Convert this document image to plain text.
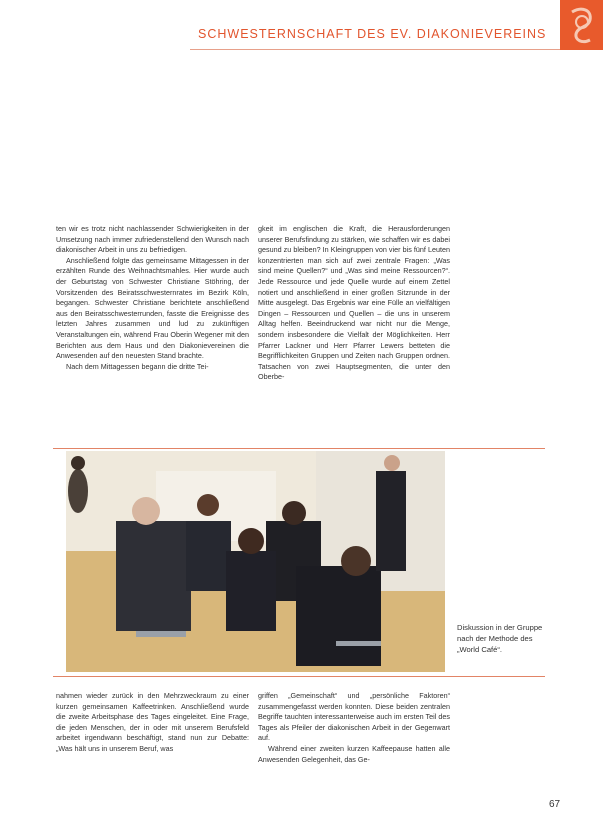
SCHWESTERNSCHAFT DES EV. DIAKONIEVEREINS

ten wir es trotz nicht nachlassender Schwierigkeiten in der Umsetzung nach immer zufriedenstellend den Wunsch nach diakonischer Arbeit in uns zu befriedigen.

Anschließend folgte das gemeinsame Mittagessen in der erzählten Runde des Weihnachtsmahles. Hier wurde auch der Geburtstag von Schwester Christiane Stöhring, der Vorsitzenden des Beiratsschwesternrates im Bezirk Köln, begangen. Schwester Christiane berichtete anschließend aus den Beiratsschwesterrunden, fasste die Ereignisse des letzten Jahres zusammen und lud zu zukünftigen Veranstaltungen ein, während Frau Oberin Wegener mit den Berichten aus dem Haus und den Diakonievereinen die Anwesenden auf den neuesten Stand brachte.

Nach dem Mittagessen begann die dritte Tei-

gkeit im englischen die Kraft, die Herausforderungen unserer Berufsfindung zu stärken, wie schaffen wir es dabei gesund zu bleiben? In Kleingruppen von vier bis fünf Leuten konzentrierten man sich auf zwei zentrale Fragen: „Was sind meine Quellen?“ und „Was sind meine Ressourcen?“. Jede Ressource und jede Quelle wurde auf einem Zettel notiert und anschließend in einer großen Sitzrunde in der Mitte ausgelegt. Das Ergebnis war eine Fülle an vielfältigen Dingen – Ressourcen und Quellen – die uns in unserem Alltag helfen. Beeindruckend war nicht nur die Menge, sondern insbesondere die Vielfalt der Möglichkeiten. Herr Pfarrer Lackner und Herr Pfarrer Lewers betteten die Begrifflichkeiten Gruppen und Zeiten nach Gruppen ordnen. Tatsachen von zwei Hauptsegmenten, die unter den Oberbe-

Diskussion in der Gruppe nach der Methode des „World Café“.

nahmen wieder zurück in den Mehrzweckraum zu einer kurzen gemeinsamen Kaffeetrinken. Anschließend wurde die zweite Arbeitsphase des Tages eingeleitet. Eine Frage, die jeden Menschen, der in oder mit unserem Berufsfeld arbeitet irgendwann beschäftigt, stand nun zur Debatte: „Was hält uns in unserem Beruf, was

griffen „Gemeinschaft“ und „persönliche Faktoren“ zusammengefasst werden konnten. Diese beiden zentralen Begriffe tauchten interessanterweise auch im ersten Teil des Tages als Pfeiler der diakonischen Arbeit in der Gegenwart auf.

Während einer zweiten kurzen Kaffeepause hatten alle Anwesenden Gelegenheit, das Ge-

67
